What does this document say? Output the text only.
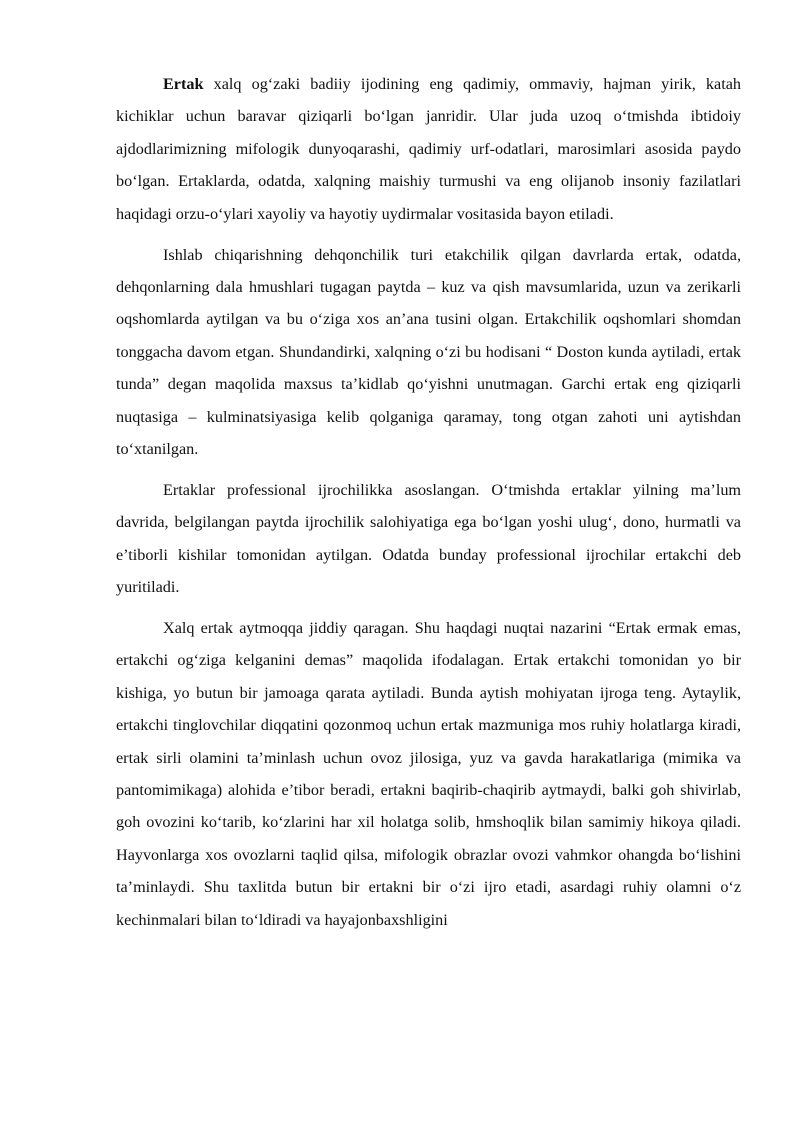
Ertak xalq og‘zaki badiiy ijodining eng qadimiy, ommaviy, hajman yirik, katah kichiklar uchun baravar qiziqarli bo‘lgan janridir. Ular juda uzoq o‘tmishda ibtidoiy ajdodlarimizning mifologik dunyoqarashi, qadimiy urf-odatlari, marosimlari asosida paydo bo‘lgan. Ertaklarda, odatda, xalqning maishiy turmushi va eng olijanob insoniy fazilatlari haqidagi orzu-o‘ylari xayoliy va hayotiy uydirmalar vositasida bayon etiladi.

Ishlab chiqarishning dehqonchilik turi etakchilik qilgan davrlarda ertak, odatda, dehqonlarning dala hmushlari tugagan paytda – kuz va qish mavsumlarida, uzun va zerikarli oqshomlarda aytilgan va bu o‘ziga xos an’ana tusini olgan. Ertakchilik oqshomlari shomdan tonggacha davom etgan. Shundandirki, xalqning o‘zi bu hodisani “ Doston kunda aytiladi, ertak tunda” degan maqolida maxsus ta’kidlab qo‘yishni unutmagan. Garchi ertak eng qiziqarli nuqtasiga – kulminatsiyasiga kelib qolganiga qaramay, tong otgan zahoti uni aytishdan to‘xtanilgan.

Ertaklar professional ijrochilikka asoslangan. O‘tmishda ertaklar yilning ma’lum davrida, belgilangan paytda ijrochilik salohiyatiga ega bo‘lgan yoshi ulug‘, dono, hurmatli va e’tiborli kishilar tomonidan aytilgan. Odatda bunday professional ijrochilar ertakchi deb yuritiladi.

Xalq ertak aytmoqqa jiddiy qaragan. Shu haqdagi nuqtai nazarini “Ertak ermak emas, ertakchi og‘ziga kelganini demas” maqolida ifodalagan. Ertak ertakchi tomonidan yo bir kishiga, yo butun bir jamoaga qarata aytiladi. Bunda aytish mohiyatan ijroga teng. Aytaylik, ertakchi tinglovchilar diqqatini qozonmoq uchun ertak mazmuniga mos ruhiy holatlarga kiradi, ertak sirli olamini ta’minlash uchun ovoz jilosiga, yuz va gavda harakatlariga (mimika va pantomimikaga) alohida e’tibor beradi, ertakni baqirib-chaqirib aytmaydi, balki goh shivirlab, goh ovozini ko‘tarib, ko‘zlarini har xil holatga solib, hmshoqlik bilan samimiy hikoya qiladi. Hayvonlarga xos ovozlarni taqlid qilsa, mifologik obrazlar ovozi vahmkor ohangda bo‘lishini ta’minlaydi. Shu taxlitda butun bir ertakni bir o‘zi ijro etadi, asardagi ruhiy olamni o‘z kechinmalari bilan to‘ldiradi va hayajonbaxshligini
